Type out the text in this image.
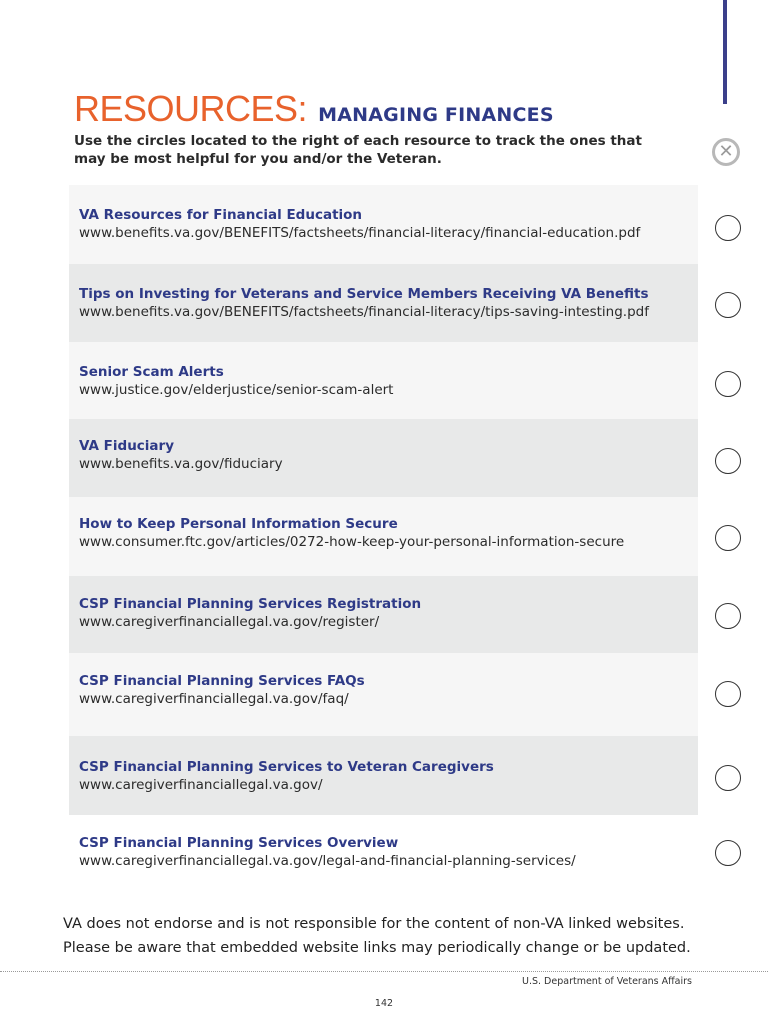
RESOURCES: MANAGING FINANCES
Use the circles located to the right of each resource to track the ones that may be most helpful for you and/or the Veteran.	✕
VA Resources for Financial Education
www.benefits.va.gov/BENEFITS/factsheets/financial-literacy/financial-education.pdf
Tips on Investing for Veterans and Service Members Receiving VA Benefits
www.benefits.va.gov/BENEFITS/factsheets/financial-literacy/tips-saving-intesting.pdf
Senior Scam Alerts
www.justice.gov/elderjustice/senior-scam-alert
VA Fiduciary
www.benefits.va.gov/fiduciary
How to Keep Personal Information Secure
www.consumer.ftc.gov/articles/0272-how-keep-your-personal-information-secure
CSP Financial Planning Services Registration
www.caregiverfinanciallegal.va.gov/register/
CSP Financial Planning Services FAQs
www.caregiverfinanciallegal.va.gov/faq/
CSP Financial Planning Services to Veteran Caregivers
www.caregiverfinanciallegal.va.gov/
CSP Financial Planning Services Overview
www.caregiverfinanciallegal.va.gov/legal-and-financial-planning-services/
VA does not endorse and is not responsible for the content of non-VA linked websites.
Please be aware that embedded website links may periodically change or be updated.
U.S. Department of Veterans Affairs
142
